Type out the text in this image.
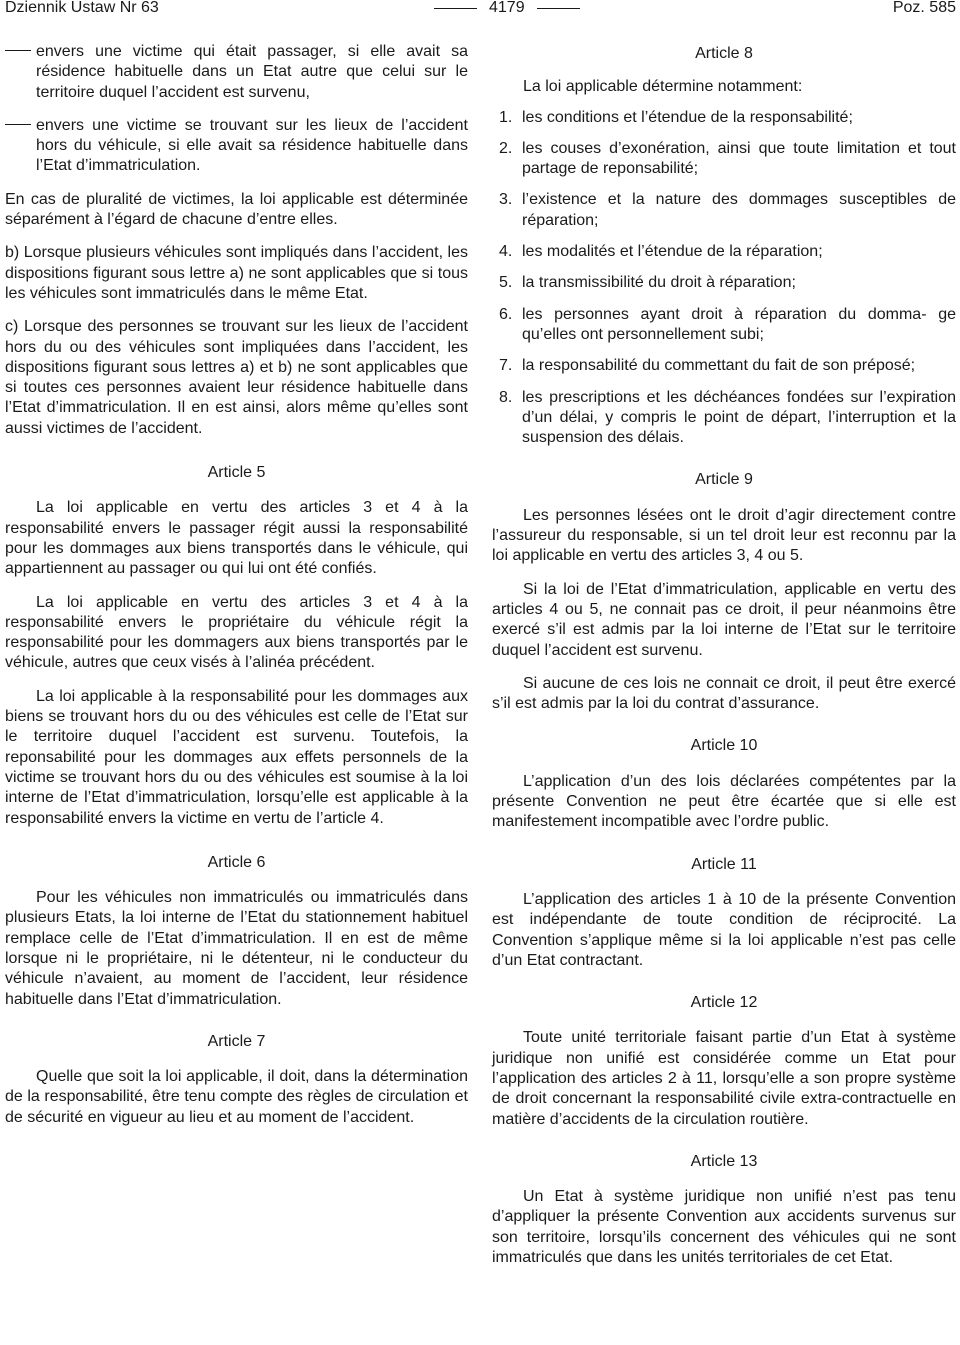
Dziennik Ustaw Nr 63	4179	Poz. 585

envers une victime qui était passager, si elle avait sa résidence habituelle dans un Etat autre que celui sur le territoire duquel l’accident est survenu,

envers une victime se trouvant sur les lieux de l’accident hors du véhicule, si elle avait sa résidence habituelle dans l’Etat d’immatriculation.

En cas de pluralité de victimes, la loi applicable est déterminée séparément à l’égard de chacune d’entre elles.

b) Lorsque plusieurs véhicules sont impliqués dans l’accident, les dispositions figurant sous lettre a) ne sont applicables que si tous les véhicules sont immatriculés dans le même Etat.

c) Lorsque des personnes se trouvant sur les lieux de l’accident hors du ou des véhicules sont impliquées dans l’accident, les dispositions figurant sous lettres a) et b) ne sont applicables que si toutes ces personnes avaient leur résidence habituelle dans l’Etat d’immatriculation. Il en est ainsi, alors même qu’elles sont aussi victimes de l’accident.

Article 5

La loi applicable en vertu des articles 3 et 4 à la responsabilité envers le passager régit aussi la responsabilité pour les dommages aux biens transportés dans le véhicule, qui appartiennent au passager ou qui lui ont été confiés.

La loi applicable en vertu des articles 3 et 4 à la responsabilité envers le propriétaire du véhicule régit la responsabilité pour les dommagers aux biens transportés par le véhicule, autres que ceux visés à l’alinéa précédent.

La loi applicable à la responsabilité pour les dommages aux biens se trouvant hors du ou des véhicules est celle de l’Etat sur le territoire duquel l’accident est survenu. Toutefois, la reponsabilité pour les dommages aux effets personnels de la victime se trouvant hors du ou des véhicules est soumise à la loi interne de l’Etat d’immatriculation, lorsqu’elle est applicable à la responsabilité envers la victime en vertu de l’article 4.

Article 6

Pour les véhicules non immatriculés ou immatriculés dans plusieurs Etats, la loi interne de l’Etat du stationnement habituel remplace celle de l’Etat d’immatriculation. Il en est de même lorsque ni le propriétaire, ni le détenteur, ni le conducteur du véhicule n’avaient, au moment de l’accident, leur résidence habituelle dans l’Etat d’immatriculation.

Article 7

Quelle que soit la loi applicable, il doit, dans la détermination de la responsabilité, être tenu compte des règles de circulation et de sécurité en vigueur au lieu et au moment de l’accident.

Article 8

La loi applicable détermine notamment:

1. les conditions et l’étendue de la responsabilité;
2. les couses d’exonération, ainsi que toute limitation et tout partage de reponsabilité;
3. l’existence et la nature des dommages susceptibles de réparation;
4. les modalités et l’étendue de la réparation;
5. la transmissibilité du droit à réparation;
6. les personnes ayant droit à réparation du domma- ge qu’elles ont personnellement subi;
7. la responsabilité du commettant du fait de son préposé;
8. les prescriptions et les déchéances fondées sur l’expiration d’un délai, y compris le point de départ, l’interruption et la suspension des délais.
Article 9

Les personnes lésées ont le droit d’agir directement contre l’assureur du responsable, si un tel droit leur est reconnu par la loi applicable en vertu des articles 3, 4 ou 5.

Si la loi de l’Etat d’immatriculation, applicable en vertu des articles 4 ou 5, ne connait pas ce droit, il peur néanmoins être exercé s’il est admis par la loi interne de l’Etat sur le territoire duquel l’accident est survenu.

Si aucune de ces lois ne connait ce droit, il peut être exercé s’il est admis par la loi du contrat d’assurance.

Article 10

L’application d’un des lois déclarées compétentes par la présente Convention ne peut être écartée que si elle est manifestement incompatible avec l’ordre public.

Article 11

L’application des articles 1 à 10 de la présente Convention est indépendante de toute condition de réciprocité. La Convention s’applique même si la loi applicable n’est pas celle d’un Etat contractant.

Article 12

Toute unité territoriale faisant partie d’un Etat à système juridique non unifié est considérée comme un Etat pour l’application des articles 2 à 11, lorsqu’elle a son propre système de droit concernant la responsabilité civile extra-contractuelle en matière d’accidents de la circulation routière.

Article 13

Un Etat à système juridique non unifié n’est pas tenu d’appliquer la présente Convention aux accidents survenus sur son territoire, lorsqu’ils concernent des véhicules qui ne sont immatriculés que dans les unités territoriales de cet Etat.
